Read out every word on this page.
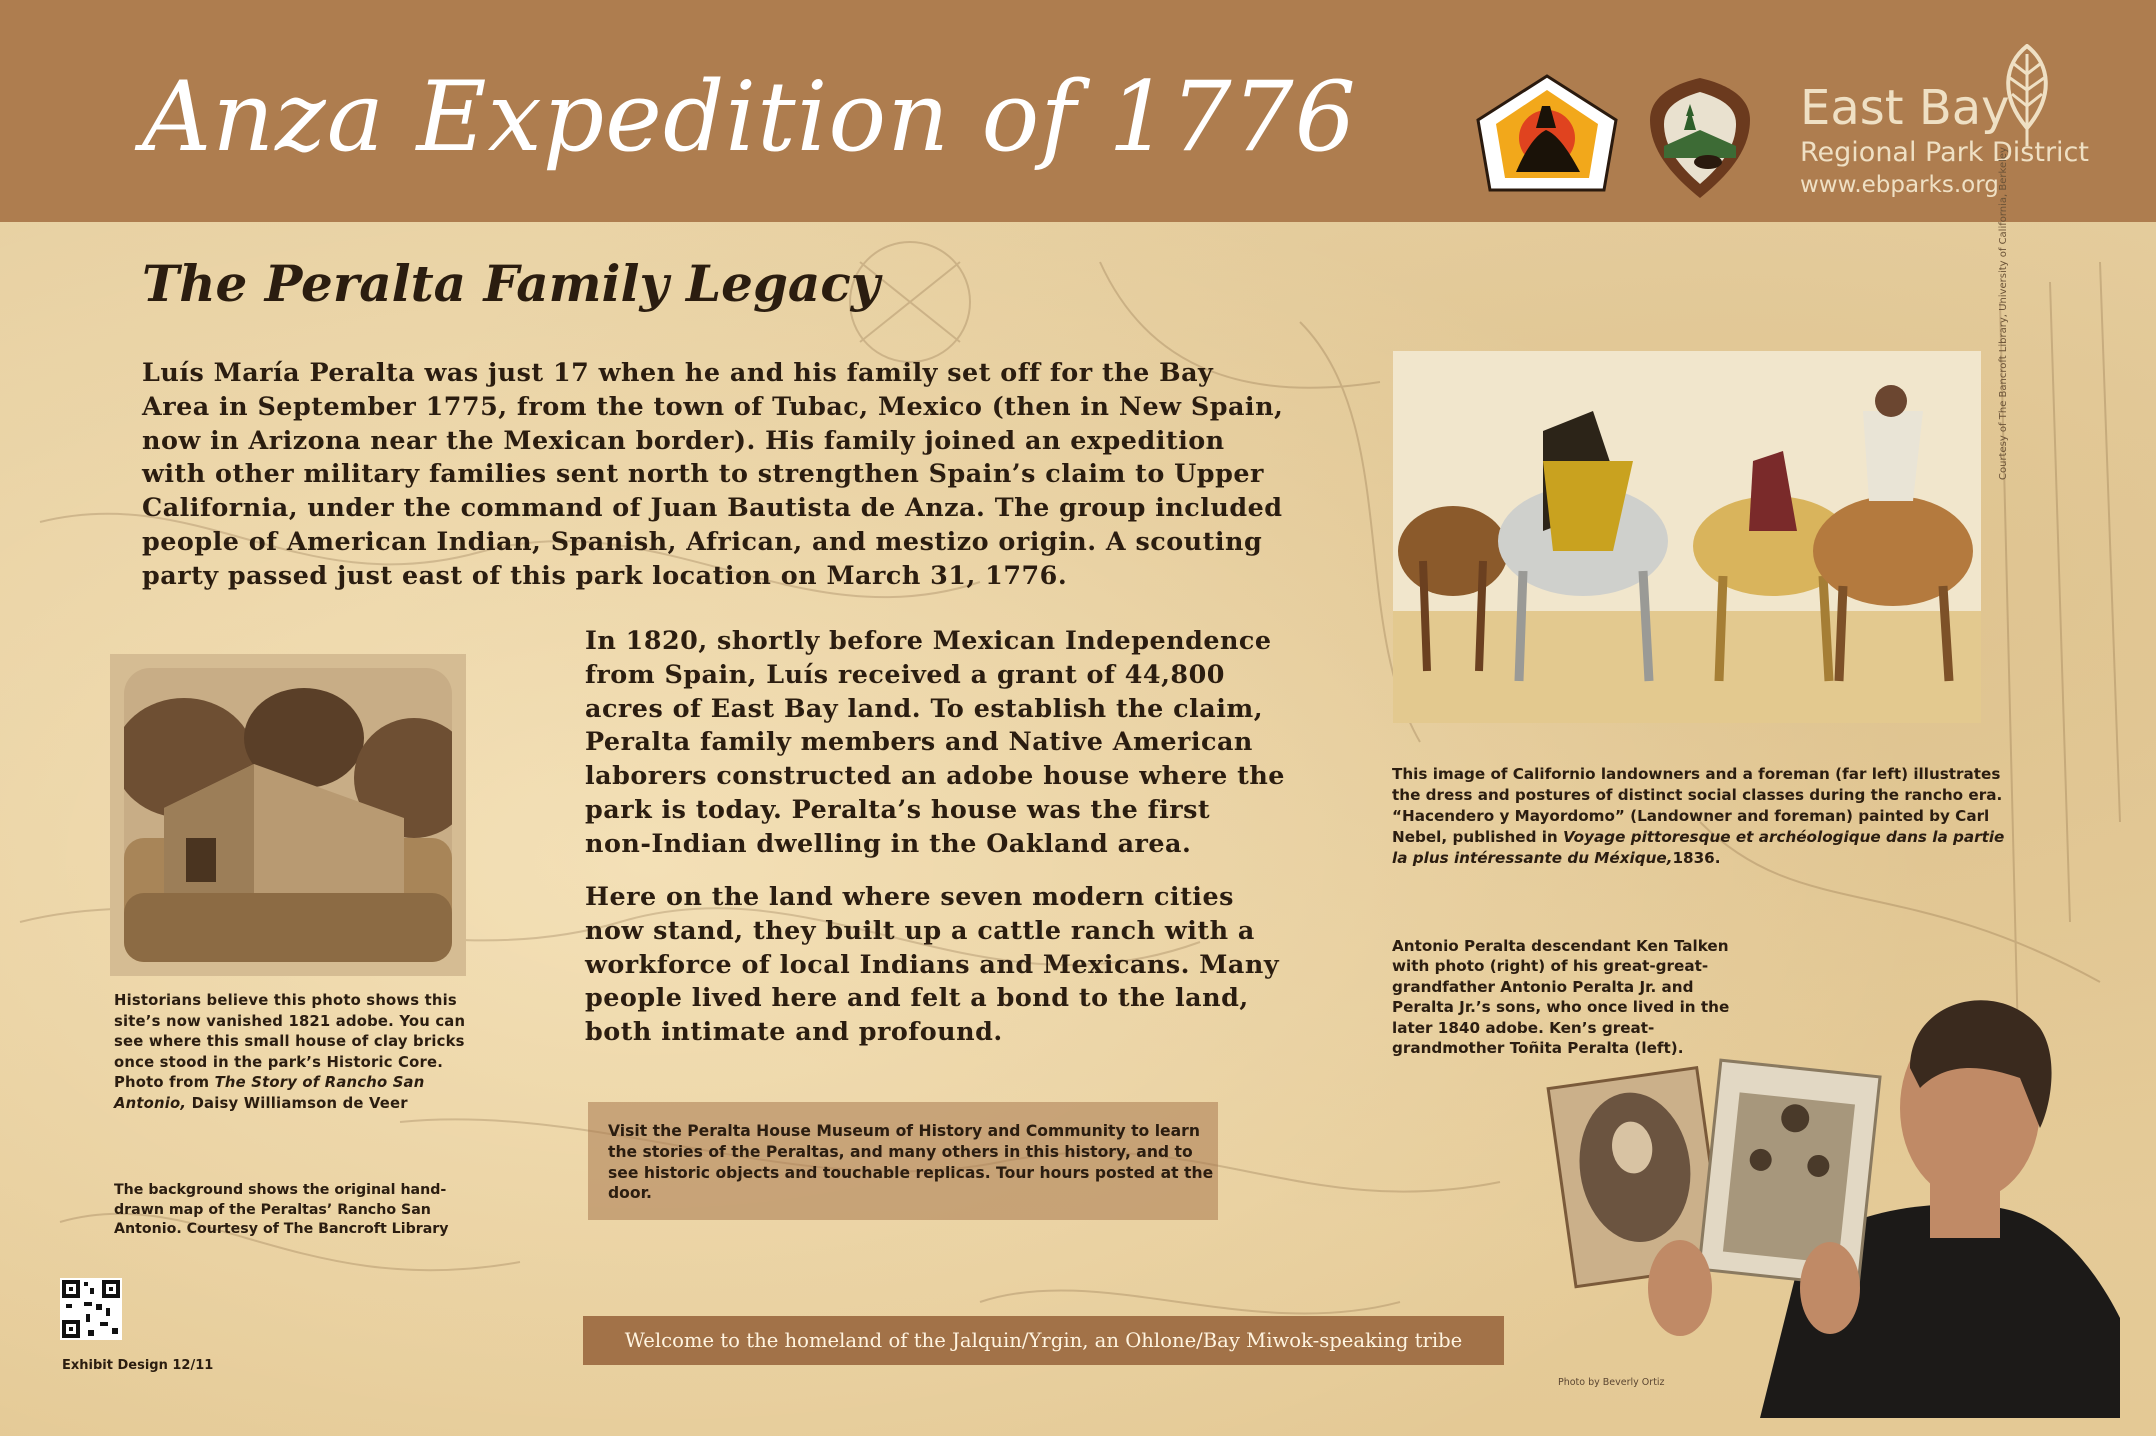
Anza Expedition of 1776	East Bay
Regional Park District
www.ebparks.org
The Peralta Family Legacy

Luís María Peralta was just 17 when he and his family set off for the Bay Area in September 1775, from the town of Tubac, Mexico (then in New Spain, now in Arizona near the Mexican border). His family joined an expedition with other military families sent north to strengthen Spain’s claim to Upper California, under the command of Juan Bautista de Anza. The group included people of American Indian, Spanish, African, and mestizo origin. A scouting party passed just east of this park location on March 31, 1776.

In 1820, shortly before Mexican Independence from Spain, Luís received a grant of 44,800 acres of East Bay land. To establish the claim, Peralta family members and Native American laborers constructed an adobe house where the park is today. Peralta’s house was the first non-Indian dwelling in the Oakland area.

Here on the land where seven modern cities now stand, they built up a cattle ranch with a workforce of local Indians and Mexicans. Many people lived here and felt a bond to the land, both intimate and profound.

Historians believe this photo shows this site’s now vanished 1821 adobe. You can see where this small house of clay bricks once stood in the park’s Historic Core. Photo from The Story of Rancho San Antonio, Daisy Williamson de Veer

The background shows the original hand-drawn map of the Peraltas’ Rancho San Antonio. Courtesy of The Bancroft Library

Exhibit Design 12/11

Visit the Peralta House Museum of History and Community to learn the stories of the Peraltas, and many others in this history, and to see historic objects and touchable replicas. Tour hours posted at the door.

Welcome to the homeland of the Jalquin/Yrgin, an Ohlone/Bay Miwok-speaking tribe
Courtesy of The Bancroft Library, University of California, Berkeley

This image of Californio landowners and a foreman (far left) illustrates the dress and postures of distinct social classes during the rancho era. “Hacendero y Mayordomo” (Landowner and foreman) painted by Carl Nebel, published in Voyage pittoresque et archéologique dans la partie la plus intéressante du Méxique,1836.

Antonio Peralta descendant Ken Talken with photo (right) of his great-great-grandfather Antonio Peralta Jr. and Peralta Jr.’s sons, who once lived in the later 1840 adobe. Ken’s great-grandmother Toñita Peralta (left).

Photo by Beverly Ortiz
